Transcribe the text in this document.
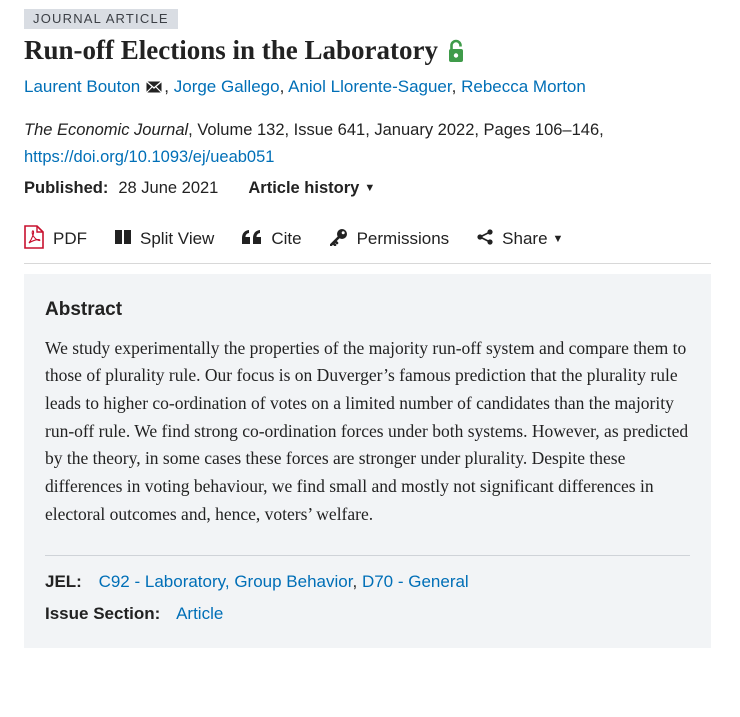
JOURNAL ARTICLE
Run-off Elections in the Laboratory
Laurent Bouton , Jorge Gallego, Aniol Llorente-Saguer, Rebecca Morton
The Economic Journal, Volume 132, Issue 641, January 2022, Pages 106–146, https://doi.org/10.1093/ej/ueab051
Published: 28 June 2021 Article history ▼
PDF	Split View	Cite	Permissions	Share ▼
Abstract
We study experimentally the properties of the majority run-off system and compare them to those of plurality rule. Our focus is on Duverger’s famous prediction that the plurality rule leads to higher co-ordination of votes on a limited number of candidates than the majority run-off rule. We find strong co-ordination forces under both systems. However, as predicted by the theory, in some cases these forces are stronger under plurality. Despite these differences in voting behaviour, we find small and mostly not significant differences in electoral outcomes and, hence, voters’ welfare.
JEL: C92 - Laboratory, Group Behavior, D70 - General
Issue Section: Article
